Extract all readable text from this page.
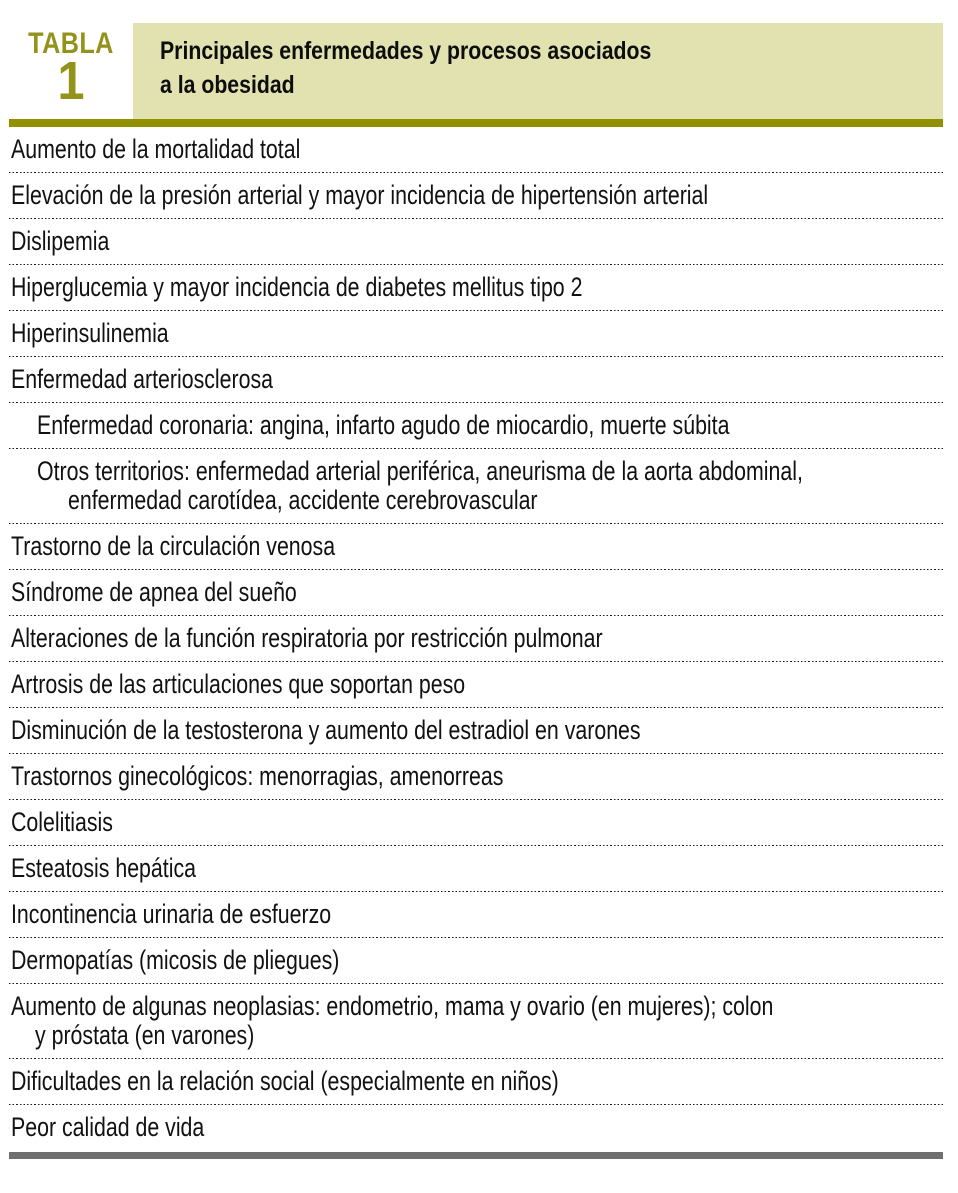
TABLA
1	Principales enfermedades y procesos asociados
a la obesidad
Aumento de la mortalidad total
Elevación de la presión arterial y mayor incidencia de hipertensión arterial
Dislipemia
Hiperglucemia y mayor incidencia de diabetes mellitus tipo 2
Hiperinsulinemia
Enfermedad arteriosclerosa
Enfermedad coronaria: angina, infarto agudo de miocardio, muerte súbita
Otros territorios: enfermedad arterial periférica, aneurisma de la aorta abdominal,
enfermedad carotídea, accidente cerebrovascular
Trastorno de la circulación venosa
Síndrome de apnea del sueño
Alteraciones de la función respiratoria por restricción pulmonar
Artrosis de las articulaciones que soportan peso
Disminución de la testosterona y aumento del estradiol en varones
Trastornos ginecológicos: menorragias, amenorreas
Colelitiasis
Esteatosis hepática
Incontinencia urinaria de esfuerzo
Dermopatías (micosis de pliegues)
Aumento de algunas neoplasias: endometrio, mama y ovario (en mujeres); colon
y próstata (en varones)
Dificultades en la relación social (especialmente en niños)
Peor calidad de vida
